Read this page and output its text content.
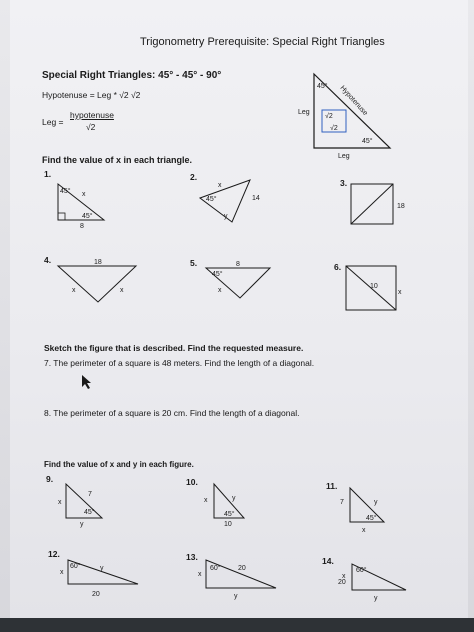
Trigonometry Prerequisite: Special Right Triangles
Special Right Triangles: 45° - 45° - 90°
Hypotenuse = Leg * √2 √2
Leg =
hypotenuse
√2
45° Hypotenuse
Leg
√2
√2
45°
Leg
Find the value of x in each triangle.
1.
45° x
45°
8
2.
x
45°	14
y
3.
18
4.	18
x	x
5.	8
45°
x
6.
10
x
Sketch the figure that is described. Find the requested measure.
7. The perimeter of a square is 48 meters. Find the length of a diagonal.
8. The perimeter of a square is 20 cm. Find the length of a diagonal.
Find the value of x and y in each figure.
9.
x
7
45°
y
10.
x	y
45°
10
11.
7	y
45°
x
12.
x
60°	y
20
13.
x
60° 20
y
14.
x
60°
20
y
